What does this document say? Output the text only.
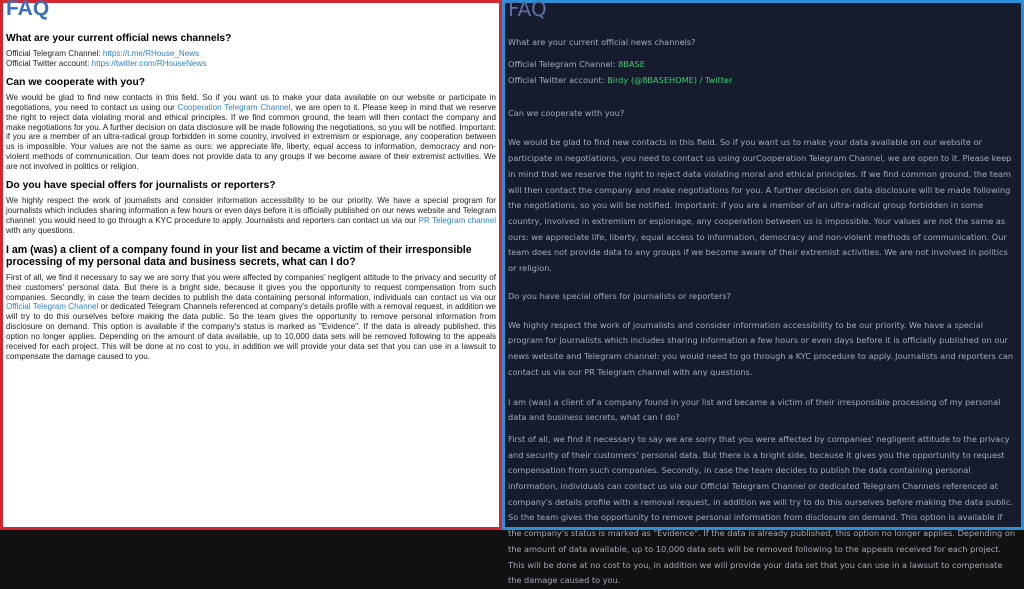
FAQ
What are your current official news channels?
Official Telegram Channel: https://t.me/RHouse_News
Official Twitter account: https://twitter.com/RHouseNews
Can we cooperate with you?
We would be glad to find new contacts in this field. So if you want us to make your data available on our website or participate in negotiations, you need to contact us using our Cooperation Telegram Channel, we are open to it. Please keep in mind that we reserve the right to reject data violating moral and ethical principles. If we find common ground, the team will then contact the company and make negotiations for you. A further decision on data disclosure will be made following the negotiations, so you will be notified. Important: if you are a member of an ultra-radical group forbidden in some country, involved in extremism or espionage, any cooperation between us is impossible. Your values are not the same as ours: we appreciate life, liberty, equal access to information, democracy and non-violent methods of communication. Our team does not provide data to any groups if we become aware of their extremist activities. We are not involved in politics or religion.
Do you have special offers for journalists or reporters?
We highly respect the work of journalists and consider information accessibility to be our priority. We have a special program for journalists which includes sharing information a few hours or even days before it is officially published on our news website and Telegram channel: you would need to go through a KYC procedure to apply. Journalists and reporters can contact us via our PR Telegram channel with any questions.
I am (was) a client of a company found in your list and became a victim of their irresponsible processing of my personal data and business secrets, what can I do?
First of all, we find it necessary to say we are sorry that you were affected by companies' negligent attitude to the privacy and security of their customers' personal data. But there is a bright side, because it gives you the opportunity to request compensation from such companies. Secondly, in case the team decides to publish the data containing personal information, individuals can contact us via our Official Telegram Channel or dedicated Telegram Channels referenced at company's details profile with a removal request, in addition we will try to do this ourselves before making the data public. So the team gives the opportunity to remove personal information from disclosure on demand. This option is available if the company's status is marked as "Evidence". If the data is already published, this option no longer applies. Depending on the amount of data available, up to 10,000 data sets will be removed following to the appeals received for each project. This will be done at no cost to you, in addition we will provide your data set that you can use in a lawsuit to compensate the damage caused to you.
FAQ
What are your current official news channels?
Official Telegram Channel: 8BASE
Official Twitter account: Birdy (@8BASEHOME) / Twitter
Can we cooperate with you?
We would be glad to find new contacts in this field. So if you want us to make your data available on our website or participate in negotiations, you need to contact us using ourCooperation Telegram Channel, we are open to it. Please keep in mind that we reserve the right to reject data violating moral and ethical principles. If we find common ground, the team will then contact the company and make negotiations for you. A further decision on data disclosure will be made following the negotiations, so you will be notified. Important: if you are a member of an ultra-radical group forbidden in some country, involved in extremism or espionage, any cooperation between us is impossible. Your values are not the same as ours: we appreciate life, liberty, equal access to information, democracy and non-violent methods of communication. Our team does not provide data to any groups if we become aware of their extremist activities. We are not involved in politics or religion.
Do you have special offers for journalists or reporters?
We highly respect the work of journalists and consider information accessibility to be our priority. We have a special program for journalists which includes sharing information a few hours or even days before it is officially published on our news website and Telegram channel: you would need to go through a KYC procedure to apply. Journalists and reporters can contact us via our PR Telegram channel with any questions.
I am (was) a client of a company found in your list and became a victim of their irresponsible processing of my personal data and business secrets, what can I do?
First of all, we find it necessary to say we are sorry that you were affected by companies' negligent attitude to the privacy and security of their customers' personal data. But there is a bright side, because it gives you the opportunity to request compensation from such companies. Secondly, in case the team decides to publish the data containing personal information, individuals can contact us via our Official Telegram Channel or dedicated Telegram Channels referenced at company's details profile with a removal request, in addition we will try to do this ourselves before making the data public. So the team gives the opportunity to remove personal information from disclosure on demand. This option is available if the company's status is marked as "Evidence". If the data is already published, this option no longer applies. Depending on the amount of data available, up to 10,000 data sets will be removed following to the appeals received for each project. This will be done at no cost to you, in addition we will provide your data set that you can use in a lawsuit to compensate the damage caused to you.
